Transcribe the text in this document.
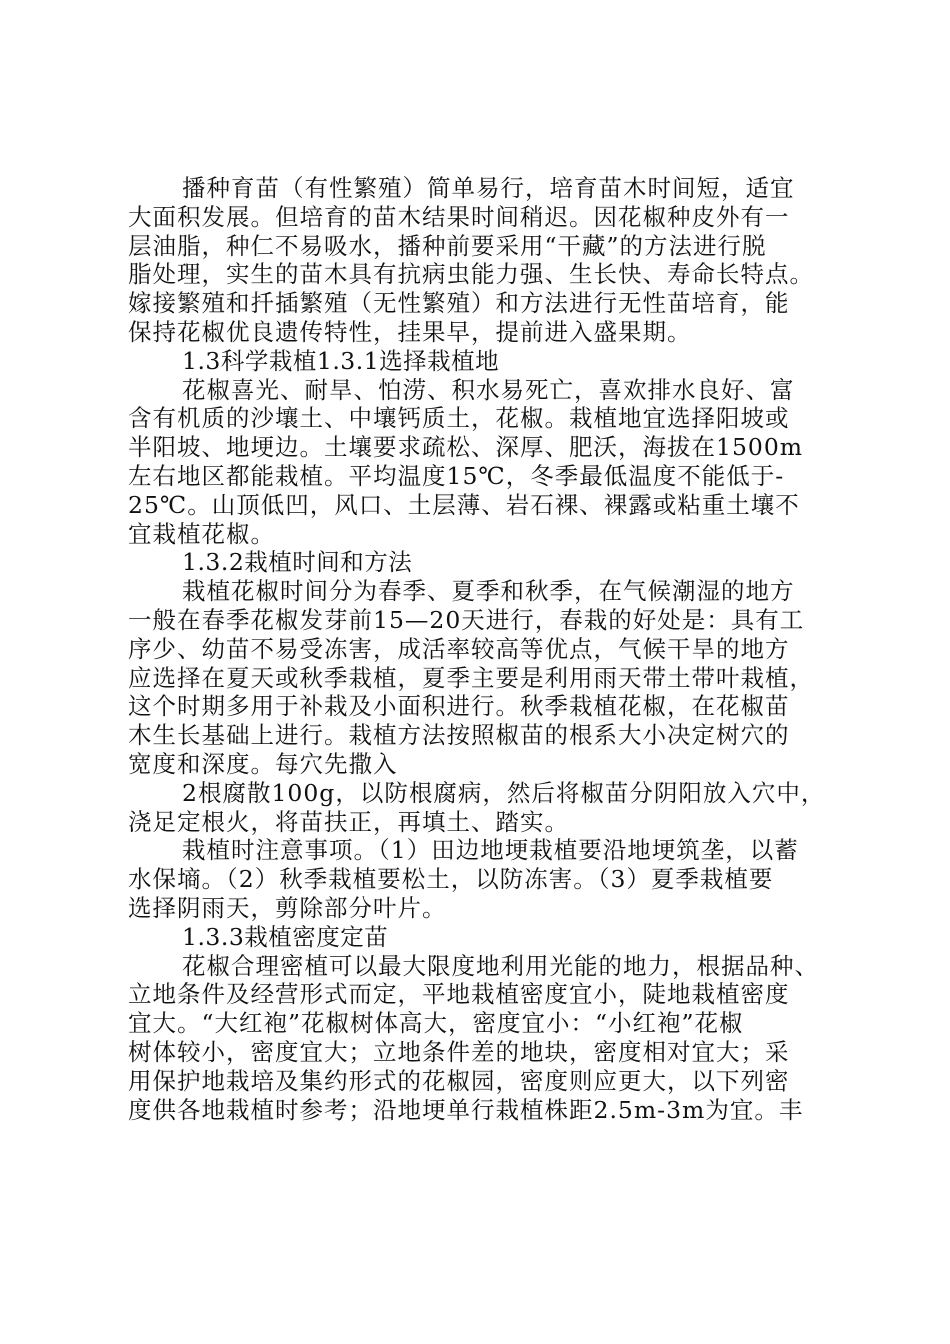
播种育苗（有性繁殖）简单易行，培育苗木时间短，适宜
大面积发展。但培育的苗木结果时间稍迟。因花椒种皮外有一
层油脂，种仁不易吸水，播种前要采用“干藏”的方法进行脱
脂处理，实生的苗木具有抗病虫能力强、生长快、寿命长特点。
嫁接繁殖和扦插繁殖（无性繁殖）和方法进行无性苗培育，能
保持花椒优良遗传特性，挂果早，提前进入盛果期。
1.3科学栽植1.3.1选择栽植地
花椒喜光、耐旱、怕涝、积水易死亡，喜欢排水良好、富
含有机质的沙壤土、中壤钙质土，花椒。栽植地宜选择阳坡或
半阳坡、地埂边。土壤要求疏松、深厚、肥沃，海拔在1500m
左右地区都能栽植。平均温度15℃，冬季最低温度不能低于-
25℃。山顶低凹，风口、土层薄、岩石裸、裸露或粘重土壤不
宜栽植花椒。
1.3.2栽植时间和方法
栽植花椒时间分为春季、夏季和秋季，在气候潮湿的地方
一般在春季花椒发芽前15—20天进行，春栽的好处是：具有工
序少、幼苗不易受冻害，成活率较高等优点，气候干旱的地方
应选择在夏天或秋季栽植，夏季主要是利用雨天带土带叶栽植，
这个时期多用于补栽及小面积进行。秋季栽植花椒，在花椒苗
木生长基础上进行。栽植方法按照椒苗的根系大小决定树穴的
宽度和深度。每穴先撒入
2根腐散100g，以防根腐病，然后将椒苗分阴阳放入穴中，
浇足定根火，将苗扶正，再填土、踏实。
栽植时注意事项。（1）田边地埂栽植要沿地埂筑垄，以蓄
水保墒。（2）秋季栽植要松土，以防冻害。（3）夏季栽植要
选择阴雨天，剪除部分叶片。
1.3.3栽植密度定苗
花椒合理密植可以最大限度地利用光能的地力，根据品种、
立地条件及经营形式而定，平地栽植密度宜小，陡地栽植密度
宜大。“大红袍”花椒树体高大，密度宜小：“小红袍”花椒
树体较小，密度宜大；立地条件差的地块，密度相对宜大；采
用保护地栽培及集约形式的花椒园，密度则应更大，以下列密
度供各地栽植时参考；沿地埂单行栽植株距2.5m-3m为宜。丰
